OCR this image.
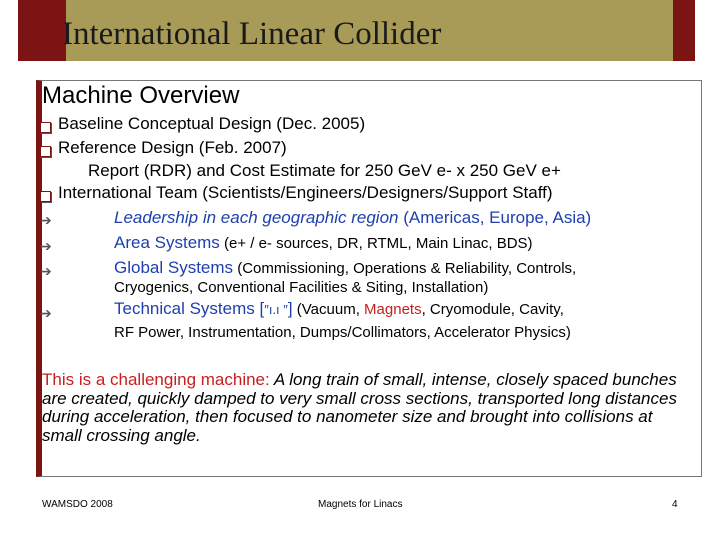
International Linear Collider
Machine Overview
Baseline Conceptual Design (Dec. 2005)
Reference Design (Feb. 2007)
Report (RDR) and Cost Estimate for 250 GeV e- x 250 GeV e+
International Team (Scientists/Engineers/Designers/Support Staff)
➔	Leadership in each geographic region (Americas, Europe, Asia)
➔	Area Systems (e+ / e- sources, DR, RTML, Main Linac, BDS)
➔	Global Systems (Commissioning, Operations & Reliability, Controls,
Cryogenics, Conventional Facilities & Siting, Installation)
➔	Technical Systems [″ı.ı ″] (Vacuum, Magnets, Cryomodule, Cavity,
RF Power, Instrumentation, Dumps/Collimators, Accelerator Physics)
This is a challenging machine: A long train of small, intense, closely spaced bunches are created, quickly damped to very small cross sections, transported long distances during acceleration, then focused to nanometer size and brought into collisions at small crossing angle.
WAMSDO 2008	Magnets for Linacs	4
